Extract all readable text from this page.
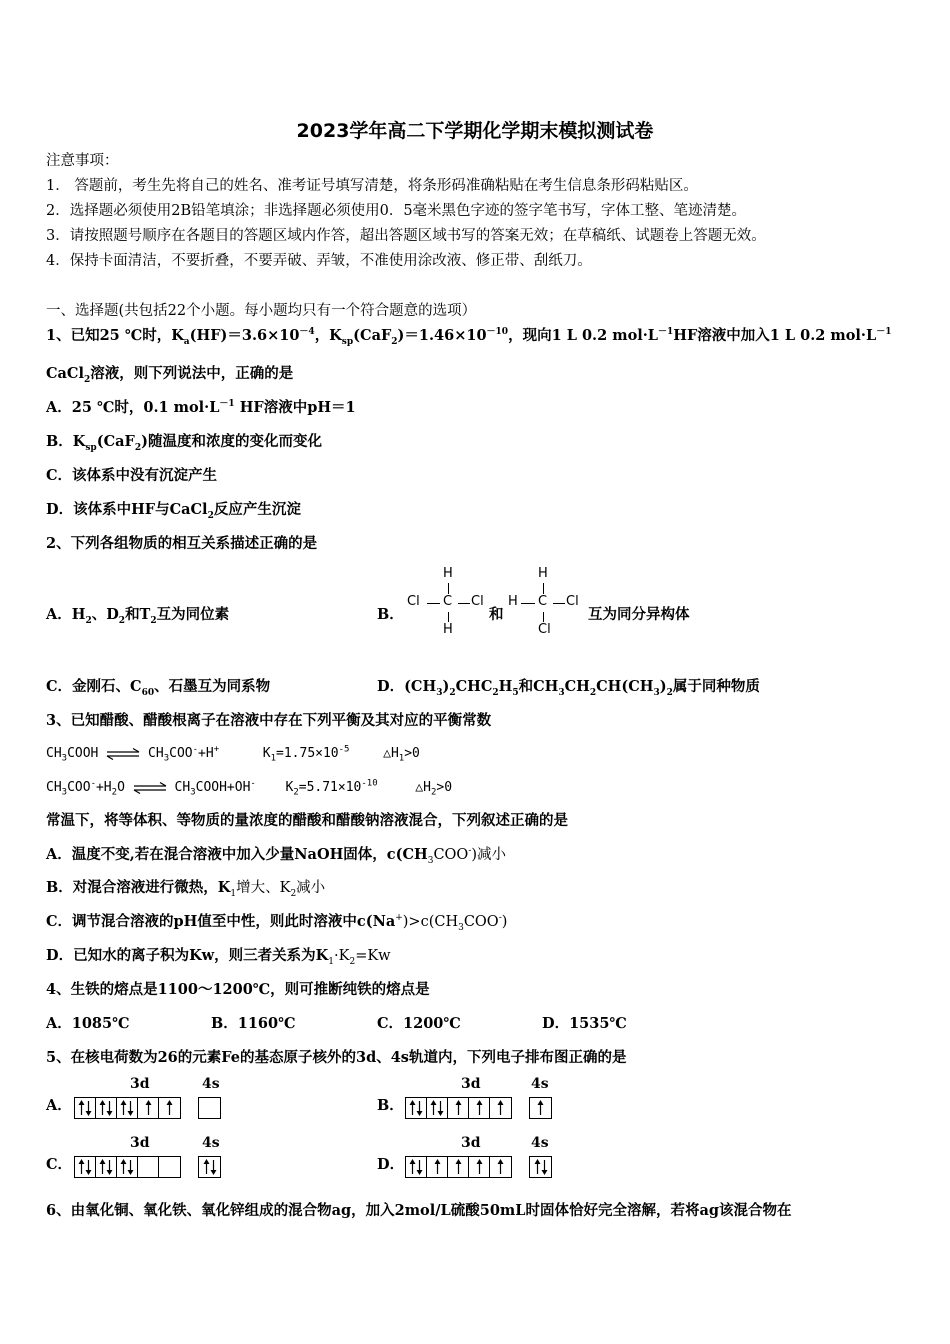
2023学年高二下学期化学期末模拟测试卷
注意事项：
1． 答题前，考生先将自己的姓名、准考证号填写清楚，将条形码准确粘贴在考生信息条形码粘贴区。
2．选择题必须使用2B铅笔填涂；非选择题必须使用0．5毫米黑色字迹的签字笔书写，字体工整、笔迹清楚。
3．请按照题号顺序在各题目的答题区域内作答，超出答题区域书写的答案无效；在草稿纸、试题卷上答题无效。
4．保持卡面清洁，不要折叠，不要弄破、弄皱，不准使用涂改液、修正带、刮纸刀。
一、选择题(共包括22个小题。每小题均只有一个符合题意的选项）
1、已知25 ℃时，$K_a(HF)=3.6\times 10^{-4}$，$K_{sp}(CaF_2)=1.46\times 10^{-10}$，现向1 L 0.2 $mol\cdot L^{-1}HF$溶液中加入1 L 0.2 $mol\cdot L^{-1}$
CaCl$_2$溶液，则下列说法中，正确的是
A．25 ℃时，0.1 $mol\cdot L^{-1}$ HF溶液中pH＝1
B．$K_{sp}(CaF_2)$随温度和浓度的变化而变化
C．该体系中没有沉淀产生
D．该体系中HF与CaCl$_2$反应产生沉淀
2、下列各组物质的相互关系描述正确的是
A．$H_2$、$D_2$和$T_2$互为同位素	B．
H
Cl C Cl
H
和
H
H C Cl
Cl
互为同分异构体
C．金刚石、$C_{60}$、石墨互为同系物	D．$(CH_3)_2CHC_2H_5$和$CH_3CH_2CH(CH_3)_2$属于同种物质
3、已知醋酸、醋酸根离子在溶液中存在下列平衡及其对应的平衡常数
$CH_3COOH$ ⇌ $CH_3COO^-+H^+$	$K_1=1.75\times 10^{-5}$	$\triangle H_1>0$
$CH_3COO^-+H_2O$ ⇌ $CH_3COOH+OH^-$ $K_2=5.71\times 10^{-10}$	$\triangle H_2>0$
常温下，将等体积、等物质的量浓度的醋酸和醋酸钠溶液混合，下列叙述正确的是
A．温度不变,若在混合溶液中加入少量NaOH固体，$c(CH_3COO^-)$减小
B．对混合溶液进行微热，$K_1$增大、$K_2$减小
C．调节混合溶液的pH值至中性，则此时溶液中$c(Na^+)>c(CH_3COO^-)$
D．已知水的离子积为Kw，则三者关系为$K_1\cdot K_2=Kw$
4、生铁的熔点是1100～1200℃，则可推断纯铁的熔点是
A．1085℃	B．1160℃	C．1200℃	D．1535℃
5、在核电荷数为26的元素Fe的基态原子核外的3d、4s轨道内，下列电子排布图正确的是
A．
3d	4s
B．
3d	4s
C．
3d	4s
D．
3d	4s
6、由氧化铜、氧化铁、氧化锌组成的混合物ag，加入2mol/L硫酸50mL时固体恰好完全溶解，若将ag该混合物在
